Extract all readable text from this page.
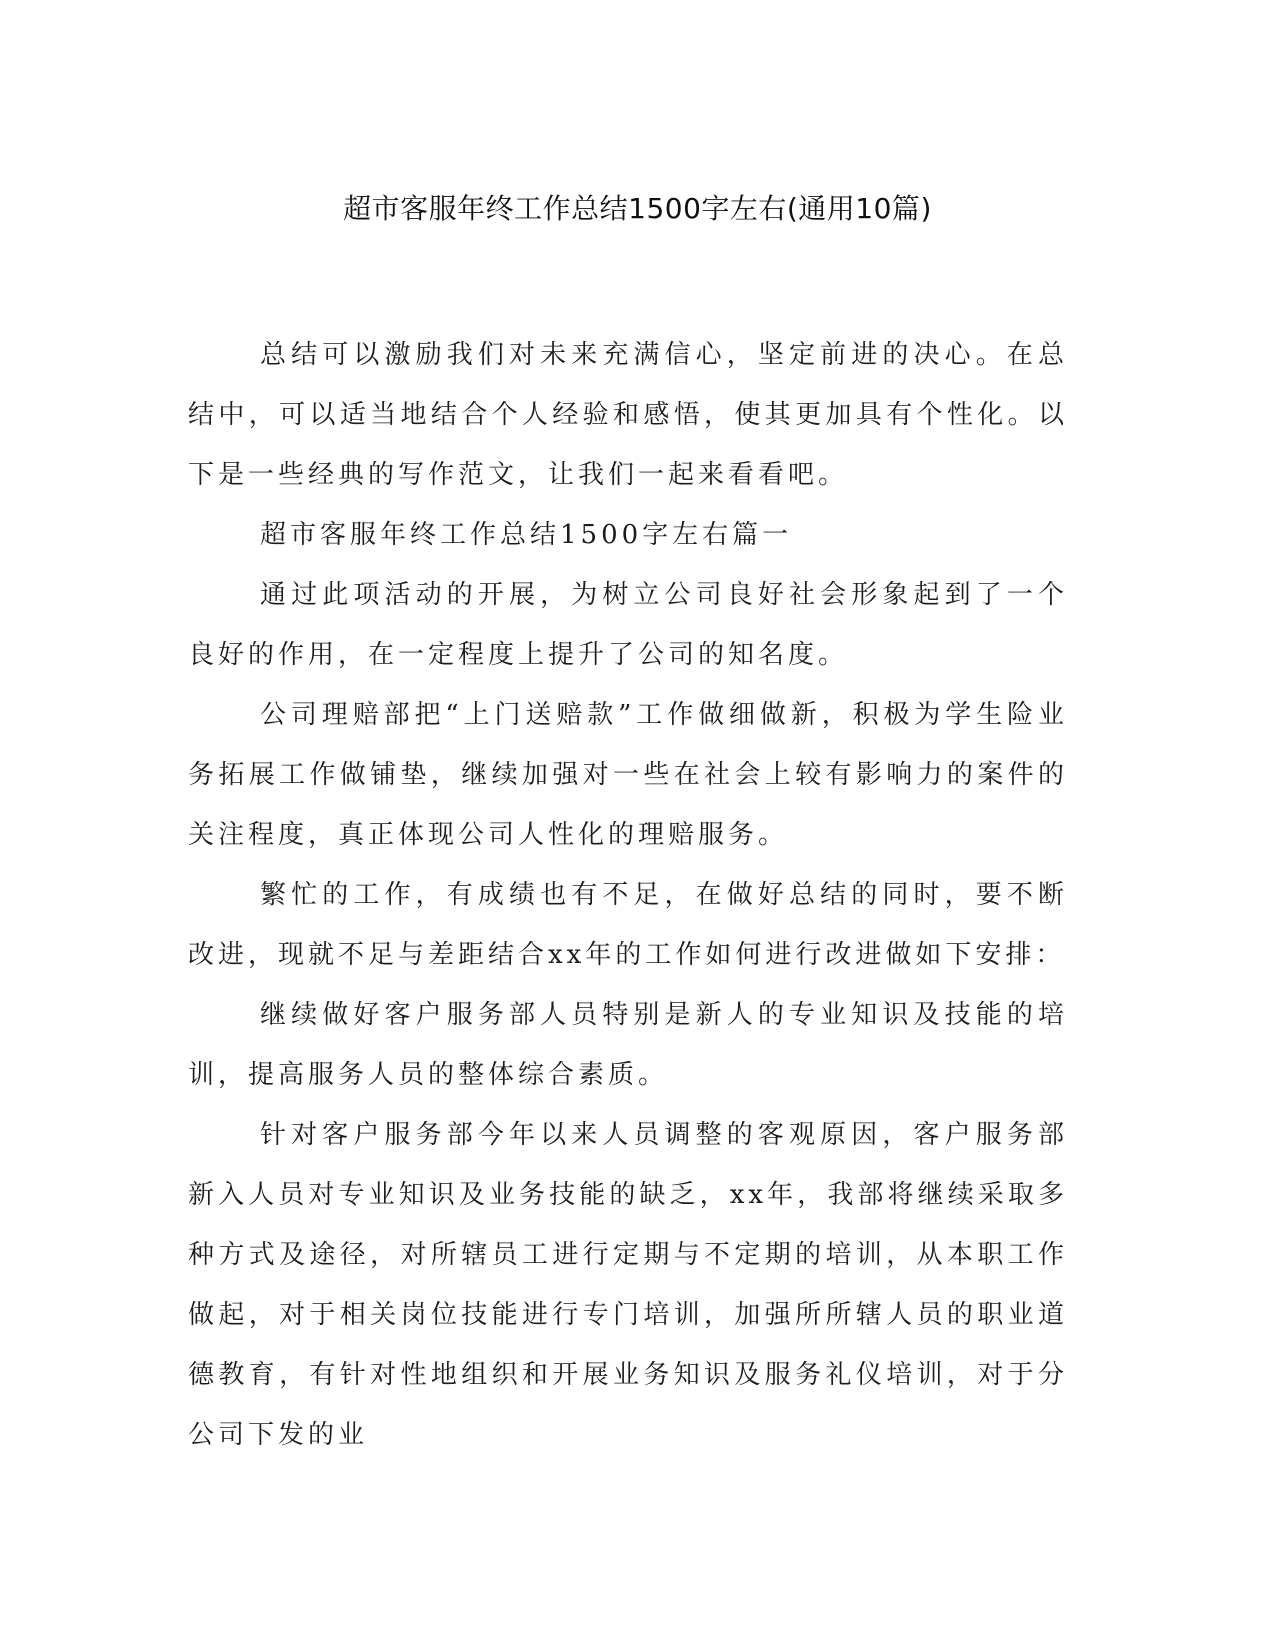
超市客服年终工作总结1500字左右(通用10篇)

总结可以激励我们对未来充满信心，坚定前进的决心。在总结中，可以适当地结合个人经验和感悟，使其更加具有个性化。以下是一些经典的写作范文，让我们一起来看看吧。

超市客服年终工作总结1500字左右篇一

通过此项活动的开展，为树立公司良好社会形象起到了一个良好的作用，在一定程度上提升了公司的知名度。

公司理赔部把“上门送赔款”工作做细做新，积极为学生险业务拓展工作做铺垫，继续加强对一些在社会上较有影响力的案件的关注程度，真正体现公司人性化的理赔服务。

繁忙的工作，有成绩也有不足，在做好总结的同时，要不断改进，现就不足与差距结合xx年的工作如何进行改进做如下安排：

继续做好客户服务部人员特别是新人的专业知识及技能的培训，提高服务人员的整体综合素质。

针对客户服务部今年以来人员调整的客观原因，客户服务部新入人员对专业知识及业务技能的缺乏，xx年，我部将继续采取多种方式及途径，对所辖员工进行定期与不定期的培训，从本职工作做起，对于相关岗位技能进行专门培训，加强所所辖人员的职业道德教育，有针对性地组织和开展业务知识及服务礼仪培训，对于分公司下发的业
